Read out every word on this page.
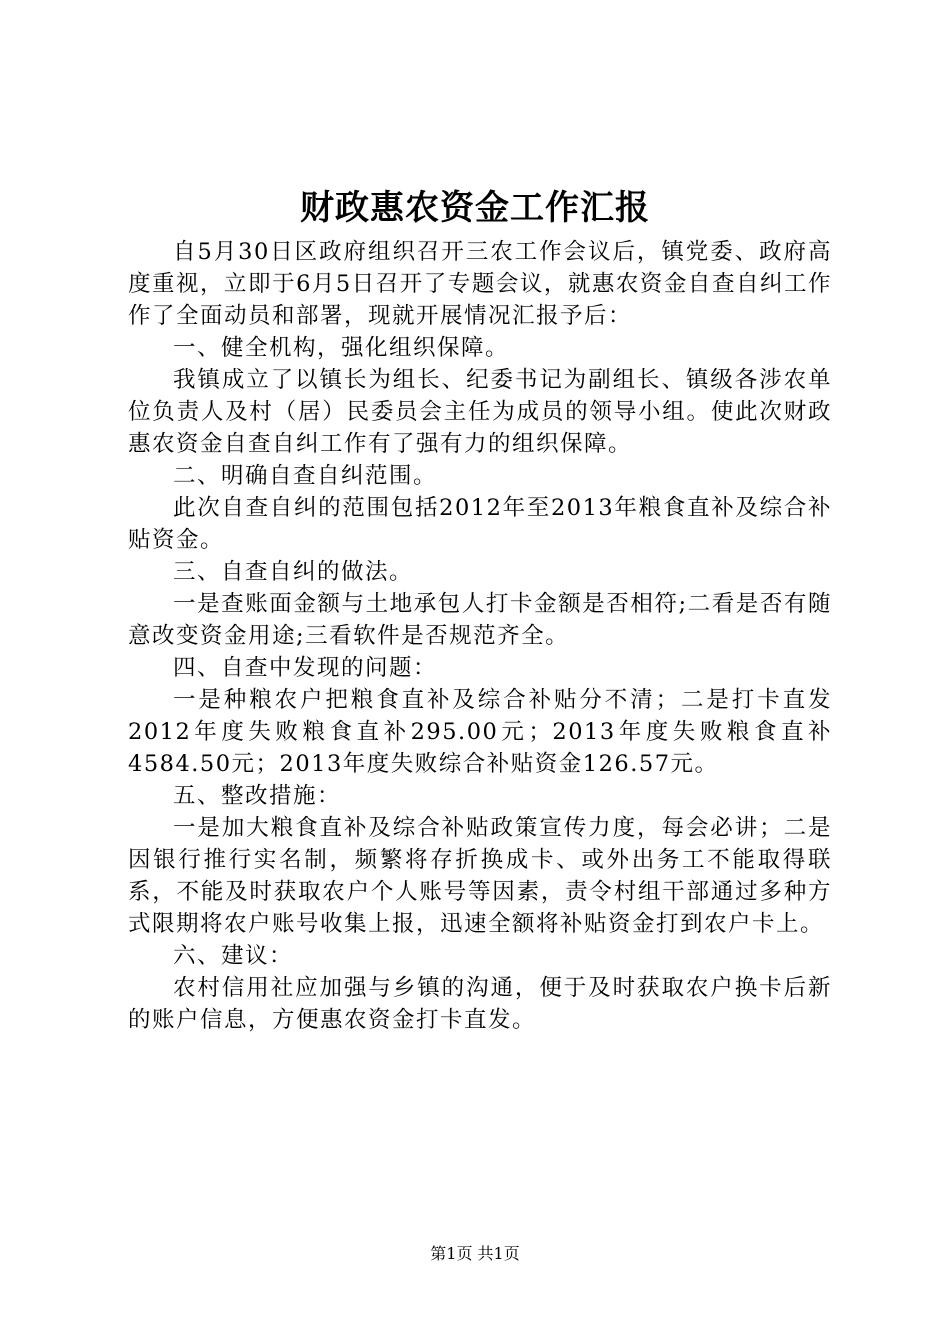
财政惠农资金工作汇报

自5月30日区政府组织召开三农工作会议后，镇党委、政府高度重视，立即于6月5日召开了专题会议，就惠农资金自查自纠工作作了全面动员和部署，现就开展情况汇报予后：

一、健全机构，强化组织保障。

我镇成立了以镇长为组长、纪委书记为副组长、镇级各涉农单位负责人及村（居）民委员会主任为成员的领导小组。使此次财政惠农资金自查自纠工作有了强有力的组织保障。

二、明确自查自纠范围。

此次自查自纠的范围包括2012年至2013年粮食直补及综合补贴资金。

三、自查自纠的做法。

一是查账面金额与土地承包人打卡金额是否相符;二看是否有随意改变资金用途;三看软件是否规范齐全。

四、自查中发现的问题：

一是种粮农户把粮食直补及综合补贴分不清；二是打卡直发2012年度失败粮食直补295.00元；2013年度失败粮食直补4584.50元；2013年度失败综合补贴资金126.57元。

五、整改措施：

一是加大粮食直补及综合补贴政策宣传力度，每会必讲；二是因银行推行实名制，频繁将存折换成卡、或外出务工不能取得联系，不能及时获取农户个人账号等因素，责令村组干部通过多种方式限期将农户账号收集上报，迅速全额将补贴资金打到农户卡上。

六、建议：

农村信用社应加强与乡镇的沟通，便于及时获取农户换卡后新的账户信息，方便惠农资金打卡直发。

第1页 共1页
